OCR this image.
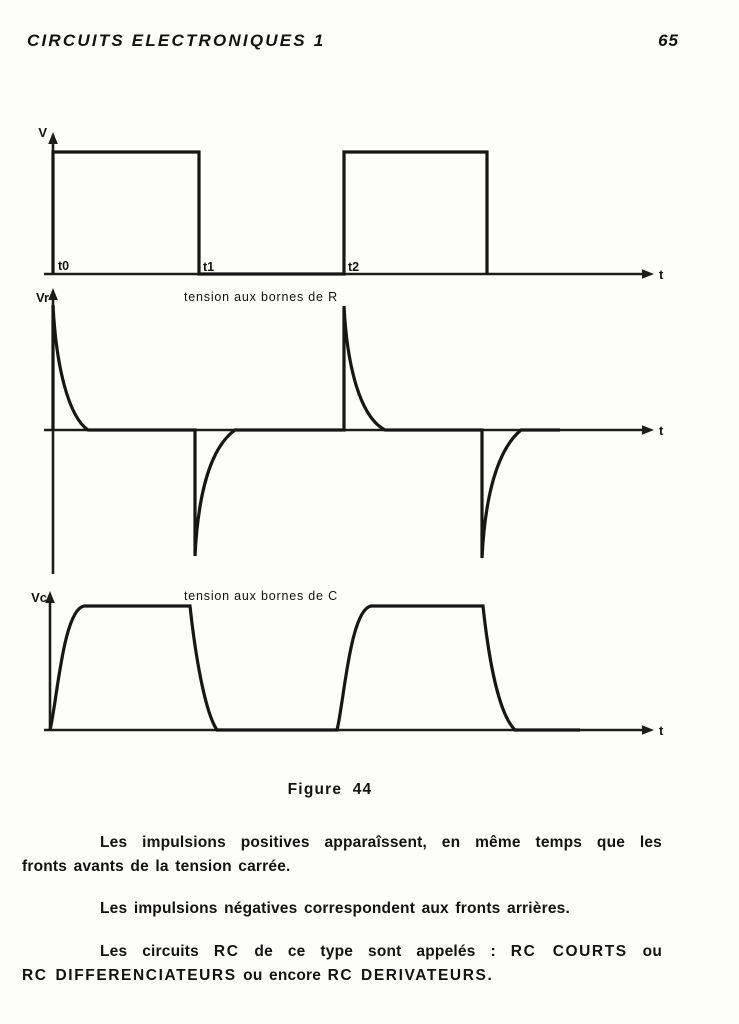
CIRCUITS ELECTRONIQUES 1	65
V
t
t0	t1	t2
Vr	tension aux bornes de R
t
Vc	tension aux bornes de C
t
Figure 44

Les impulsions positives apparaîssent, en même temps que les
fronts avants de la tension carrée.

Les impulsions négatives correspondent aux fronts arrières.

Les circuits RC de ce type sont appelés : RC COURTS ou
RC DIFFERENCIATEURS ou encore RC DERIVATEURS.
